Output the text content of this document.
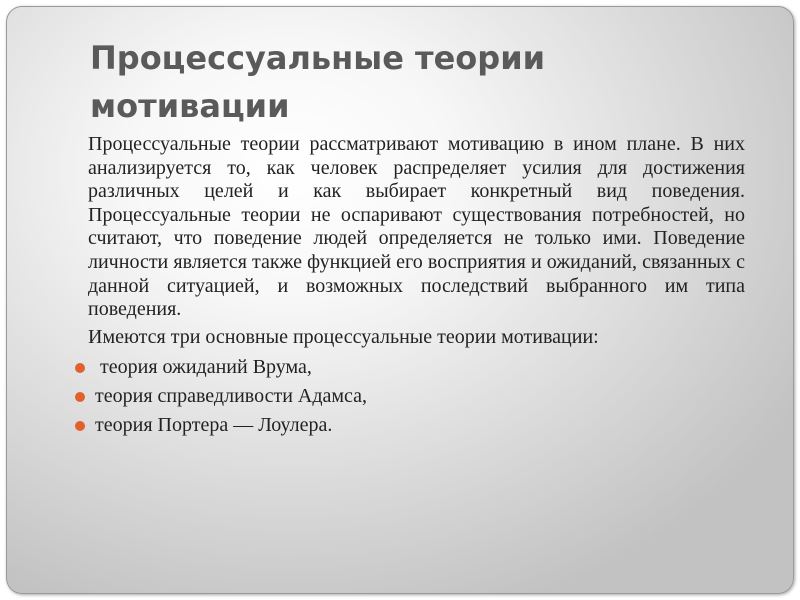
Процессуальные теории мотивации

Процессуальные теории рассматривают мотивацию в ином плане. В них анализируется то, как человек распределяет усилия для достижения различных целей и как выбирает конкретный вид поведения. Процессуальные теории не оспаривают существования потребностей, но считают, что поведение людей определяется не только ими. Поведение личности является также функцией его восприятия и ожиданий, связанных с данной ситуацией, и возможных последствий выбранного им типа поведения.

Имеются три основные процессуальные теории мотивации:

теория ожиданий Врума,
теория справедливости Адамса,
теория Портера — Лоулера.
